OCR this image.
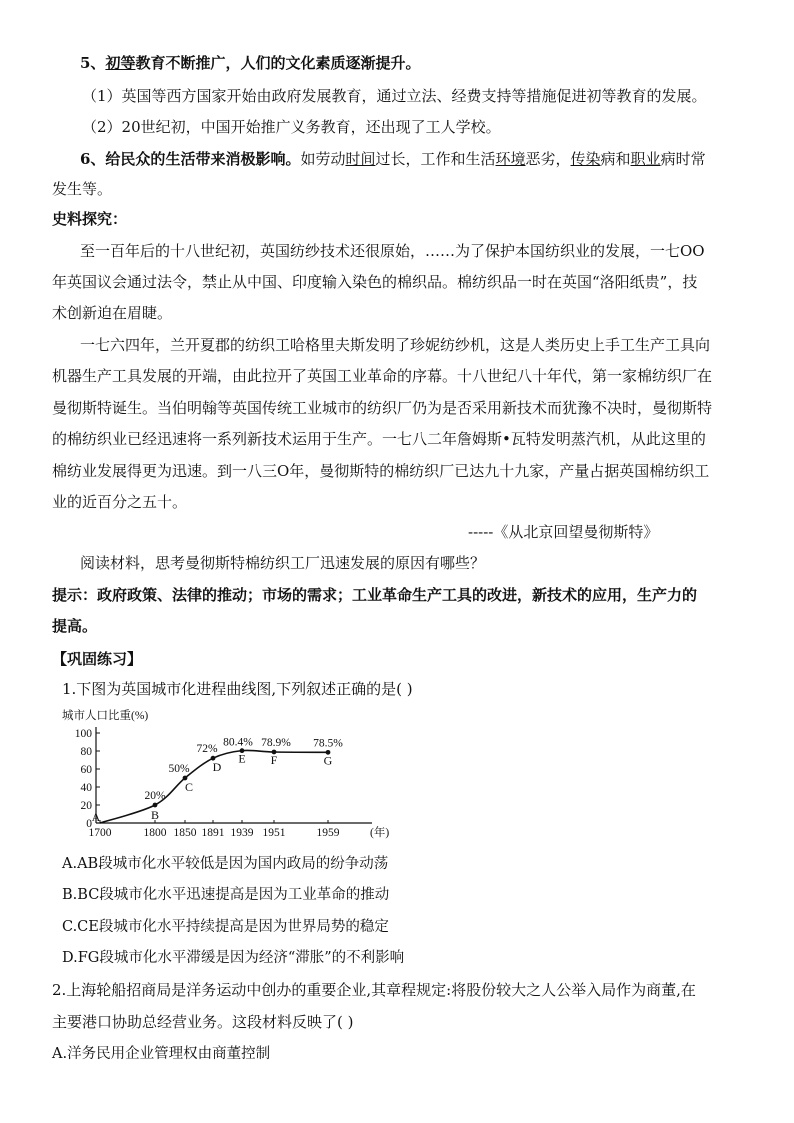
5、初等教育不断推广，人们的文化素质逐渐提升。
（1）英国等西方国家开始由政府发展教育，通过立法、经费支持等措施促进初等教育的发展。
（2）20世纪初，中国开始推广义务教育，还出现了工人学校。
6、给民众的生活带来消极影响。如劳动时间过长，工作和生活环境恶劣，传染病和职业病时常
发生等。
史料探究：
至一百年后的十八世纪初，英国纺纱技术还很原始，……为了保护本国纺织业的发展，一七OO
年英国议会通过法令，禁止从中国、印度输入染色的棉织品。棉纺织品一时在英国“洛阳纸贵”，技
术创新迫在眉睫。
一七六四年，兰开夏郡的纺织工哈格里夫斯发明了珍妮纺纱机，这是人类历史上手工生产工具向
机器生产工具发展的开端，由此拉开了英国工业革命的序幕。十八世纪八十年代，第一家棉纺织厂在
曼彻斯特诞生。当伯明翰等英国传统工业城市的纺织厂仍为是否采用新技术而犹豫不决时，曼彻斯特
的棉纺织业已经迅速将一系列新技术运用于生产。一七八二年詹姆斯•瓦特发明蒸汽机，从此这里的
棉纺业发展得更为迅速。到一八三O年，曼彻斯特的棉纺织厂已达九十九家，产量占据英国棉纺织工
业的近百分之五十。
-----《从北京回望曼彻斯特》
阅读材料，思考曼彻斯特棉纺织工厂迅速发展的原因有哪些？
提示：政府政策、法律的推动；市场的需求；工业革命生产工具的改进，新技术的应用，生产力的
提高。
【巩固练习】
1.下图为英国城市化进程曲线图,下列叙述正确的是( )
城市人口比重(%)
(年)
0
20
40
60
80
100
1700	1800 1850 1891 1939 1951	1959
A	B
20%
C
50% D
72%
E
80.4%
F
78.9%
G
78.5%
A.AB段城市化水平较低是因为国内政局的纷争动荡
B.BC段城市化水平迅速提高是因为工业革命的推动
C.CE段城市化水平持续提高是因为世界局势的稳定
D.FG段城市化水平滞缓是因为经济“滞胀”的不利影响
2.上海轮船招商局是洋务运动中创办的重要企业,其章程规定:将股份较大之人公举入局作为商董,在
主要港口协助总经营业务。这段材料反映了( )
A.洋务民用企业管理权由商董控制
